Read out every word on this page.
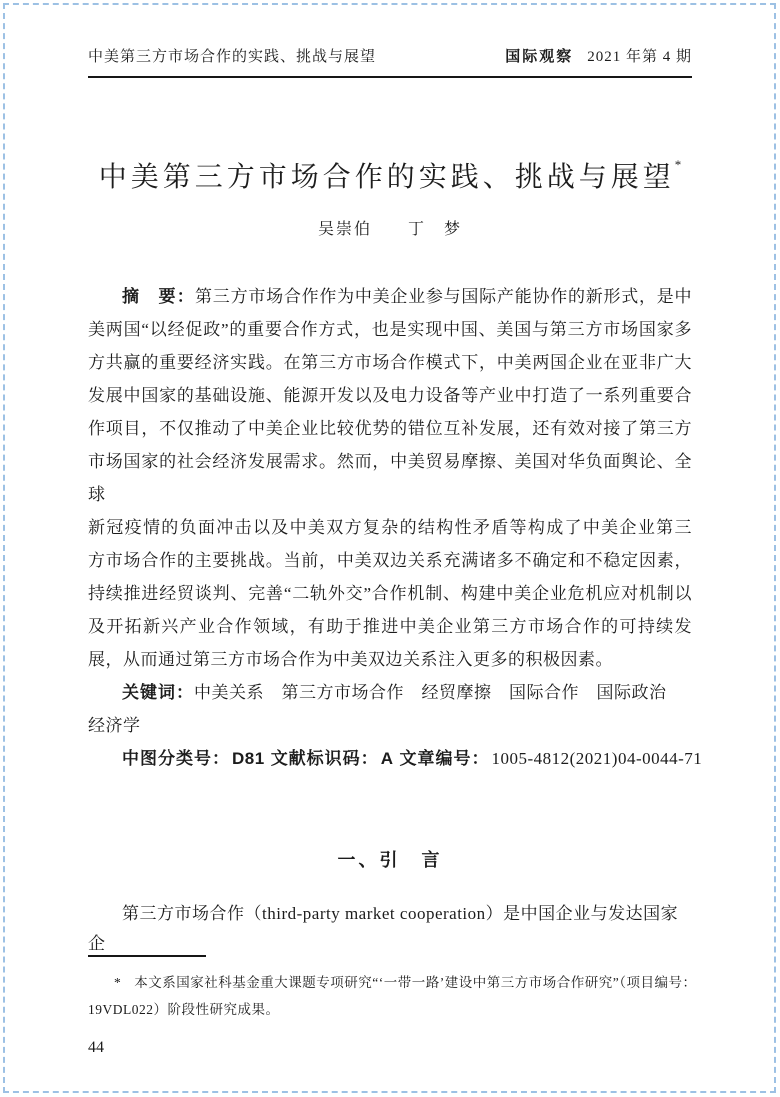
中美第三方市场合作的实践、挑战与展望	国际观察 2021 年第 4 期
中美第三方市场合作的实践、挑战与展望*
吴崇伯　　丁　梦
摘　要：第三方市场合作作为中美企业参与国际产能协作的新形式，是中
美两国“以经促政”的重要合作方式，也是实现中国、美国与第三方市场国家多
方共赢的重要经济实践。在第三方市场合作模式下，中美两国企业在亚非广大
发展中国家的基础设施、能源开发以及电力设备等产业中打造了一系列重要合
作项目，不仅推动了中美企业比较优势的错位互补发展，还有效对接了第三方
市场国家的社会经济发展需求。然而，中美贸易摩擦、美国对华负面舆论、全球
新冠疫情的负面冲击以及中美双方复杂的结构性矛盾等构成了中美企业第三
方市场合作的主要挑战。当前，中美双边关系充满诸多不确定和不稳定因素，
持续推进经贸谈判、完善“二轨外交”合作机制、构建中美企业危机应对机制以
及开拓新兴产业合作领域，有助于推进中美企业第三方市场合作的可持续发
展，从而通过第三方市场合作为中美双边关系注入更多的积极因素。
关键词：中美关系　第三方市场合作　经贸摩擦　国际合作　国际政治
经济学
中图分类号： D81 文献标识码： A 文章编号： 1005-4812(2021)04-0044-71
一、引　言
第三方市场合作（third-party market cooperation）是中国企业与发达国家企
* 本文系国家社科基金重大课题专项研究“‘一带一路’建设中第三方市场合作研究”（项目编号：
19VDL022）阶段性研究成果。
44
